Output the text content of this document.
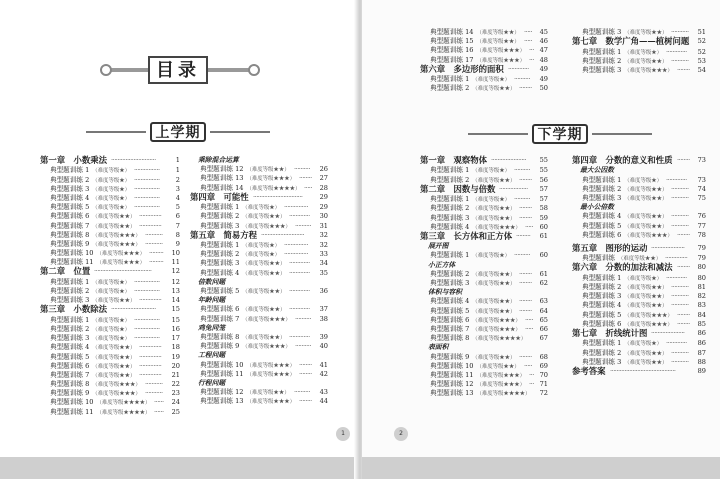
目录
上学期
第一章　小数乘法 ····························	1
典型题训练 1 （难度等级★） ················	1
典型题训练 2 （难度等级★） ················	2
典型题训练 3 （难度等级★） ················	3
典型题训练 4 （难度等级★） ················	4
典型题训练 5 （难度等级★） ················	5
典型题训练 6 （难度等级★★） ··············	6
典型题训练 7 （难度等级★★） ··············	7
典型题训练 8 （难度等级★★★） ···········	8
典型题训练 9 （难度等级★★★） ···········	9
典型题训练 10 （难度等级★★★） ·········	10
典型题训练 11 （难度等级★★★） ·········	11
第二章　位置 ····································	12
典型题训练 1 （难度等级★） ················	12
典型题训练 2 （难度等级★） ················	13
典型题训练 3 （难度等级★★） ··············	14
第三章　小数除法 ····························	15
典型题训练 1 （难度等级★） ················	15
典型题训练 2 （难度等级★） ················	16
典型题训练 3 （难度等级★） ················	17
典型题训练 4 （难度等级★★） ··············	18
典型题训练 5 （难度等级★★） ··············	19
典型题训练 6 （难度等级★★） ··············	20
典型题训练 7 （难度等级★★） ··············	21
典型题训练 8 （难度等级★★★） ···········	22
典型题训练 9 （难度等级★★★） ···········	23
典型题训练 10 （难度等级★★★★） ······	24
典型题训练 11 （难度等级★★★★） ······	25
乘除混合运算
典型题训练 12 （难度等级★★） ··········	26
典型题训练 13 （难度等级★★★） ········	27
典型题训练 14 （难度等级★★★★） ·····	28
第四章　可能性 ·······························	29
典型题训练 1 （难度等级★） ···············	29
典型题训练 2 （难度等级★★） ·············	30
典型题训练 3 （难度等级★★★） ··········	31
第五章　简易方程 ···························	32
典型题训练 1 （难度等级★） ···············	32
典型题训练 2 （难度等级★） ···············	33
典型题训练 3 （难度等级★★） ·············	34
典型题训练 4 （难度等级★★） ·············	35
倍数问题
典型题训练 5 （难度等级★★） ·············	36
年龄问题
典型题训练 6 （难度等级★★） ·············	37
典型题训练 7 （难度等级★★★） ··········	38
鸡兔同笼
典型题训练 8 （难度等级★★） ·············	39
典型题训练 9 （难度等级★★★） ··········	40
工程问题
典型题训练 10 （难度等级★★★） ········	41
典型题训练 11 （难度等级★★★） ········	42
行程问题
典型题训练 12 （难度等级★★） ··········	43
典型题训练 13 （难度等级★★★） ········	44
典型题训练 14 （难度等级★★） ·····	45
典型题训练 15 （难度等级★★） ·····	46
典型题训练 16 （难度等级★★★） ··· 47
典型题训练 17 （难度等级★★★） ··· 48
第六章　多边形的面积 ·············	49
典型题训练 1 （难度等级★） ··········	49
典型题训练 2 （难度等级★★） ········	50
典型题训练 3 （难度等级★★） ···········	51
第七章　数学广角——植树问题 52
典型题训练 1 （难度等级★） ·············	52
典型题训练 2 （难度等级★★） ···········	53
典型题训练 3 （难度等级★★★） ········	54
下学期
第一章　观察物体 ······················	55
典型题训练 1 （难度等级★） ··········	55
典型题训练 2 （难度等级★★） ········	56
第二章　因数与倍数 ··················	57
典型题训练 1 （难度等级★） ··········	57
典型题训练 2 （难度等级★★） ········	58
典型题训练 3 （难度等级★★） ········	59
典型题训练 4 （难度等级★★★） ····· 60
第三章　长方体和正方体 ·········	61
展开图
典型题训练 1 （难度等级★） ··········	60
小正方体
典型题训练 2 （难度等级★★） ········	61
典型题训练 3 （难度等级★★） ········	62
体积与容积
典型题训练 4 （难度等级★★） ········	63
典型题训练 5 （难度等级★★） ········	64
典型题训练 6 （难度等级★★★） ····· 65
典型题训练 7 （难度等级★★★） ····· 66
典型题训练 8 （难度等级★★★★） 67
表面积
典型题训练 9 （难度等级★★） ········	68
典型题训练 10 （难度等级★★） ·····	69
典型题训练 11 （难度等级★★★） ··· 70
典型题训练 12 （难度等级★★★） ··· 71
典型题训练 13 （难度等级★★★★） 72
第四章　分数的意义和性质 ········	73
最大公因数
典型题训练 1 （难度等级★） ·············	73
典型题训练 2 （难度等级★★） ···········	74
典型题训练 3 （难度等级★★） ···········	75
最小公倍数
典型题训练 4 （难度等级★★） ···········	76
典型题训练 5 （难度等级★★） ···········	77
典型题训练 6 （难度等级★★★） ········	78
第五章　图形的运动 ·····················	79
典型题训练 （难度等级★★） ··············	79
第六章　分数的加法和减法 ········	80
典型题训练 1 （难度等级★） ·············	80
典型题训练 2 （难度等级★★） ···········	81
典型题训练 3 （难度等级★★） ···········	82
典型题训练 4 （难度等级★★） ···········	83
典型题训练 5 （难度等级★★★） ········	84
典型题训练 6 （难度等级★★★） ········	85
第七章　折线统计图 ·····················	86
典型题训练 1 （难度等级★） ·············	86
典型题训练 2 （难度等级★★） ···········	87
典型题训练 3 （难度等级★★） ···········	88
参考答案 ·········································	89
1	2
